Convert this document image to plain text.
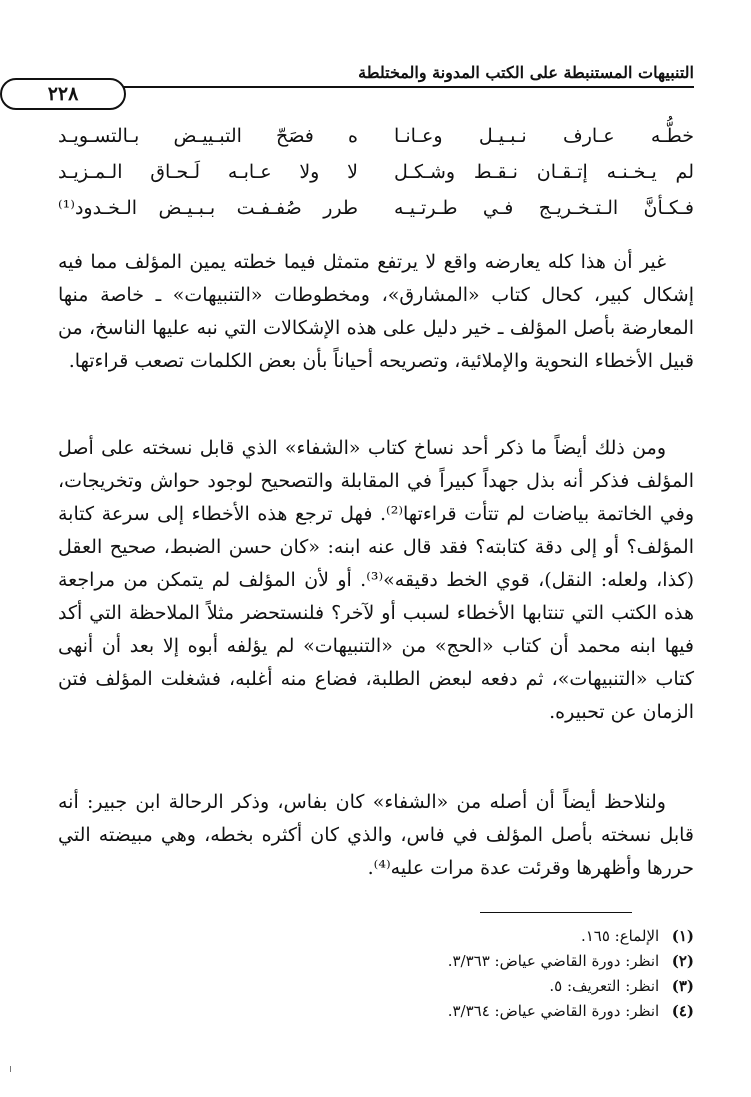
التنبيهات المستنبطة على الكتب المدونة والمختلطة
٢٢٨
خطُّـه عـارف نـبـيـل وعـانـا
ه فصَحّ التبـييـض بـالتسـويـد
لم يـخـنـه إتـقـان نـقـط وشـكـل
لا ولا عـابـه لَـحـاق الـمـزيـد
فـكـأنَّ الـتـخـريـج فـي طـرتـيـه
طرر صُفـفـت بـبـيـض الـخـدود⁽¹⁾
غير أن هذا كله يعارضه واقع لا يرتفع متمثل فيما خطته يمين المؤلف مما فيه إشكال كبير، كحال كتاب «المشارق»، ومخطوطات «التنبيهات» ـ خاصة منها المعارضة بأصل المؤلف ـ خير دليل على هذه الإشكالات التي نبه عليها الناسخ، من قبيل الأخطاء النحوية والإملائية، وتصريحه أحياناً بأن بعض الكلمات تصعب قراءتها.
ومن ذلك أيضاً ما ذكر أحد نساخ كتاب «الشفاء» الذي قابل نسخته على أصل المؤلف فذكر أنه بذل جهداً كبيراً في المقابلة والتصحيح لوجود حواش وتخريجات، وفي الخاتمة بياضات لم تتأت قراءتها⁽²⁾. فهل ترجع هذه الأخطاء إلى سرعة كتابة المؤلف؟ أو إلى دقة كتابته؟ فقد قال عنه ابنه: «كان حسن الضبط، صحيح العقل (كذا، ولعله: النقل)، قوي الخط دقيقه»⁽³⁾. أو لأن المؤلف لم يتمكن من مراجعة هذه الكتب التي تنتابها الأخطاء لسبب أو لآخر؟ فلنستحضر مثلاً الملاحظة التي أكد فيها ابنه محمد أن كتاب «الحج» من «التنبيهات» لم يؤلفه أبوه إلا بعد أن أنهى كتاب «التنبيهات»، ثم دفعه لبعض الطلبة، فضاع منه أغلبه، فشغلت المؤلف فتن الزمان عن تحبيره.
ولنلاحظ أيضاً أن أصله من «الشفاء» كان بفاس، وذكر الرحالة ابن جبير: أنه قابل نسخته بأصل المؤلف في فاس، والذي كان أكثره بخطه، وهي مبيضته التي حررها وأظهرها وقرئت عدة مرات عليه⁽⁴⁾.
(١) الإلماع: ١٦٥.
(٢) انظر: دورة القاضي عياض: ٣/٣٦٣.
(٣) انظر: التعريف: ٥.
(٤) انظر: دورة القاضي عياض: ٣/٣٦٤.
